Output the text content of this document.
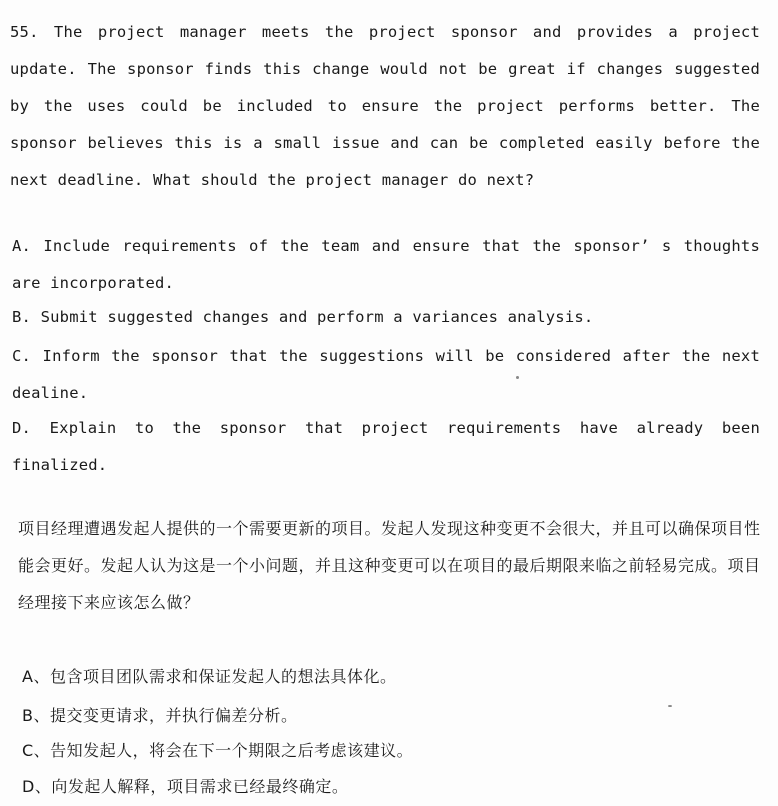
55. The project manager meets the project sponsor and provides a project update. The sponsor finds this change would not be great if changes suggested by the uses could be included to ensure the project performs better. The sponsor believes this is a small issue and can be completed easily before the next deadline. What should the project manager do next?
A. Include requirements of the team and ensure that the sponsor’ s thoughts are incorporated.
B. Submit suggested changes and perform a variances analysis.
C. Inform the sponsor that the suggestions will be considered after the next dealine.
D. Explain to the sponsor that project requirements have already been finalized.
项目经理遭遇发起人提供的一个需要更新的项目。发起人发现这种变更不会很大，并且可以确保项目性能会更好。发起人认为这是一个小问题，并且这种变更可以在项目的最后期限来临之前轻易完成。项目经理接下来应该怎么做？
A、包含项目团队需求和保证发起人的想法具体化。
B、提交变更请求，并执行偏差分析。
C、告知发起人，将会在下一个期限之后考虑该建议。
D、向发起人解释，项目需求已经最终确定。
